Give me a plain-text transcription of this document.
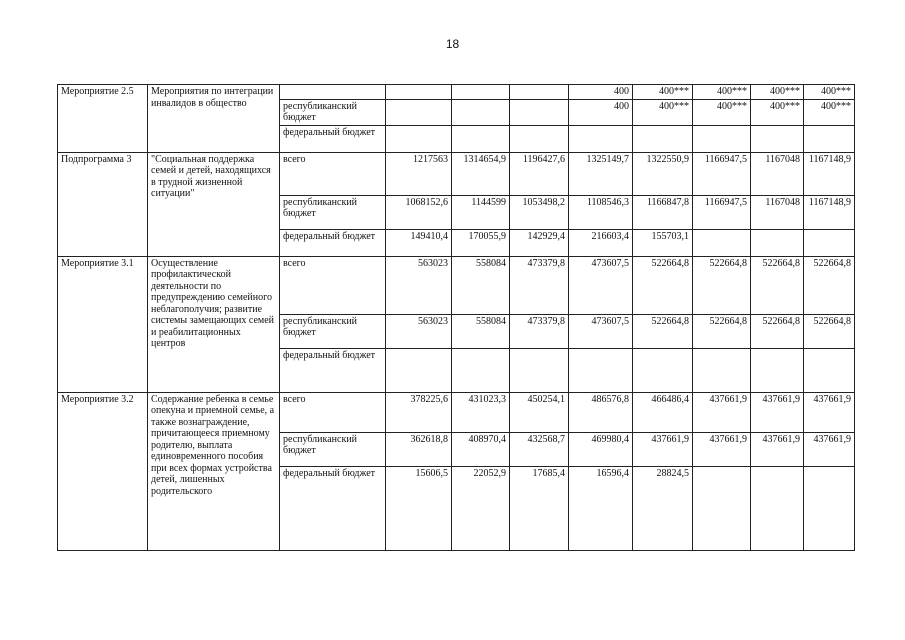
18
Мероприятие 2.5	Мероприятия по интеграции инвалидов в общество					400	400***	400***	400***	400***
		республиканский бюджет				400	400***	400***	400***	400***
		федеральный бюджет								
Подпрограмма 3	"Социальная поддержка семей и детей, находящихся в трудной жизненной ситуации"	всего	1217563	1314654,9	1196427,6	1325149,7	1322550,9	1166947,5	1167048	1167148,9
		республиканский бюджет	1068152,6	1144599	1053498,2	1108546,3	1166847,8	1166947,5	1167048	1167148,9
		федеральный бюджет	149410,4	170055,9	142929,4	216603,4	155703,1			
Мероприятие 3.1	Осуществление профилактической деятельности по предупреждению семейного неблагополучия; развитие системы замещающих семей и реабилитационных центров	всего	563023	558084	473379,8	473607,5	522664,8	522664,8	522664,8	522664,8
		республиканский бюджет	563023	558084	473379,8	473607,5	522664,8	522664,8	522664,8	522664,8
		федеральный бюджет								
Мероприятие 3.2	Содержание ребенка в семье опекуна и приемной семье, а также вознаграждение, причитающееся приемному родителю, выплата единовременного пособия при всех формах устройства детей, лишенных родительского	всего	378225,6	431023,3	450254,1	486576,8	466486,4	437661,9	437661,9	437661,9
		республиканский бюджет	362618,8	408970,4	432568,7	469980,4	437661,9	437661,9	437661,9	437661,9
		федеральный бюджет	15606,5	22052,9	17685,4	16596,4	28824,5			
